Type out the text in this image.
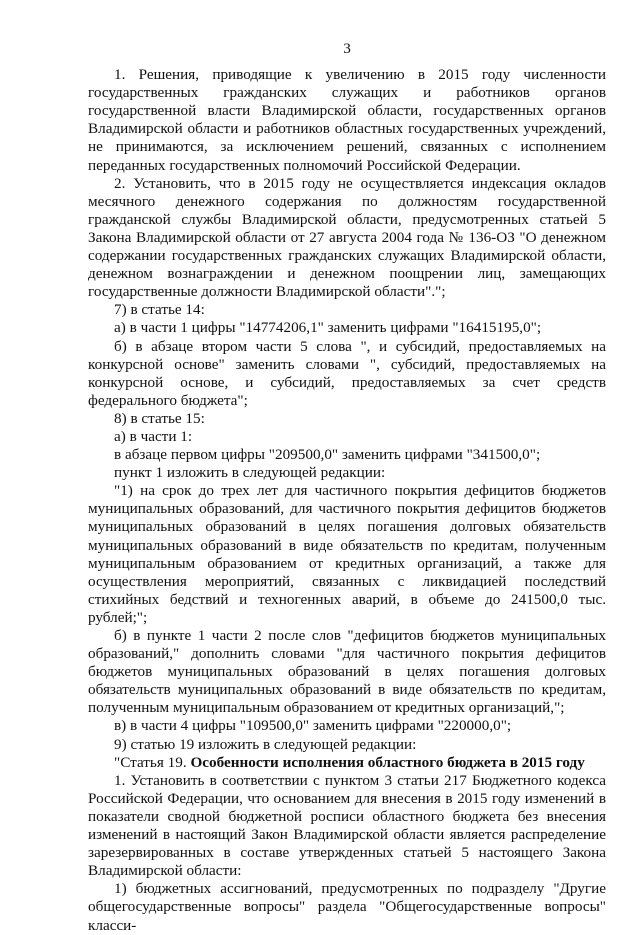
3

1. Решения, приводящие к увеличению в 2015 году численности государственных гражданских служащих и работников органов государственной власти Владимирской области, государственных органов Владимирской области и работников областных государственных учреждений, не принимаются, за исключением решений, связанных с исполнением переданных государственных полномочий Российской Федерации.

2. Установить, что в 2015 году не осуществляется индексация окладов месячного денежного содержания по должностям государственной гражданской службы Владимирской области, предусмотренных статьей 5 Закона Владимирской области от 27 августа 2004 года № 136-ОЗ "О денежном содержании государственных гражданских служащих Владимирской области, денежном вознаграждении и денежном поощрении лиц, замещающих государственные должности Владимирской области".";

7) в статье 14:

а) в части 1 цифры "14774206,1" заменить цифрами "16415195,0";

б) в абзаце втором части 5 слова ", и субсидий, предоставляемых на конкурсной основе" заменить словами ", субсидий, предоставляемых на конкурсной основе, и субсидий, предоставляемых за счет средств федерального бюджета";

8) в статье 15:

а) в части 1:

в абзаце первом цифры "209500,0" заменить цифрами "341500,0";

пункт 1 изложить в следующей редакции:

"1) на срок до трех лет для частичного покрытия дефицитов бюджетов муниципальных образований, для частичного покрытия дефицитов бюджетов муниципальных образований в целях погашения долговых обязательств муниципальных образований в виде обязательств по кредитам, полученным муниципальным образованием от кредитных организаций, а также для осуществления мероприятий, связанных с ликвидацией последствий стихийных бедствий и техногенных аварий, в объеме до 241500,0 тыс. рублей;";

б) в пункте 1 части 2 после слов "дефицитов бюджетов муниципальных образований," дополнить словами "для частичного покрытия дефицитов бюджетов муниципальных образований в целях погашения долговых обязательств муниципальных образований в виде обязательств по кредитам, полученным муниципальным образованием от кредитных организаций,";

в) в части 4 цифры "109500,0" заменить цифрами "220000,0";

9) статью 19 изложить в следующей редакции:

"Статья 19. Особенности исполнения областного бюджета в 2015 году

1. Установить в соответствии с пунктом 3 статьи 217 Бюджетного кодекса Российской Федерации, что основанием для внесения в 2015 году изменений в показатели сводной бюджетной росписи областного бюджета без внесения изменений в настоящий Закон Владимирской области является распределение зарезервированных в составе утвержденных статьей 5 настоящего Закона Владимирской области:

1) бюджетных ассигнований, предусмотренных по подразделу "Другие общегосударственные вопросы" раздела "Общегосударственные вопросы" класси-
